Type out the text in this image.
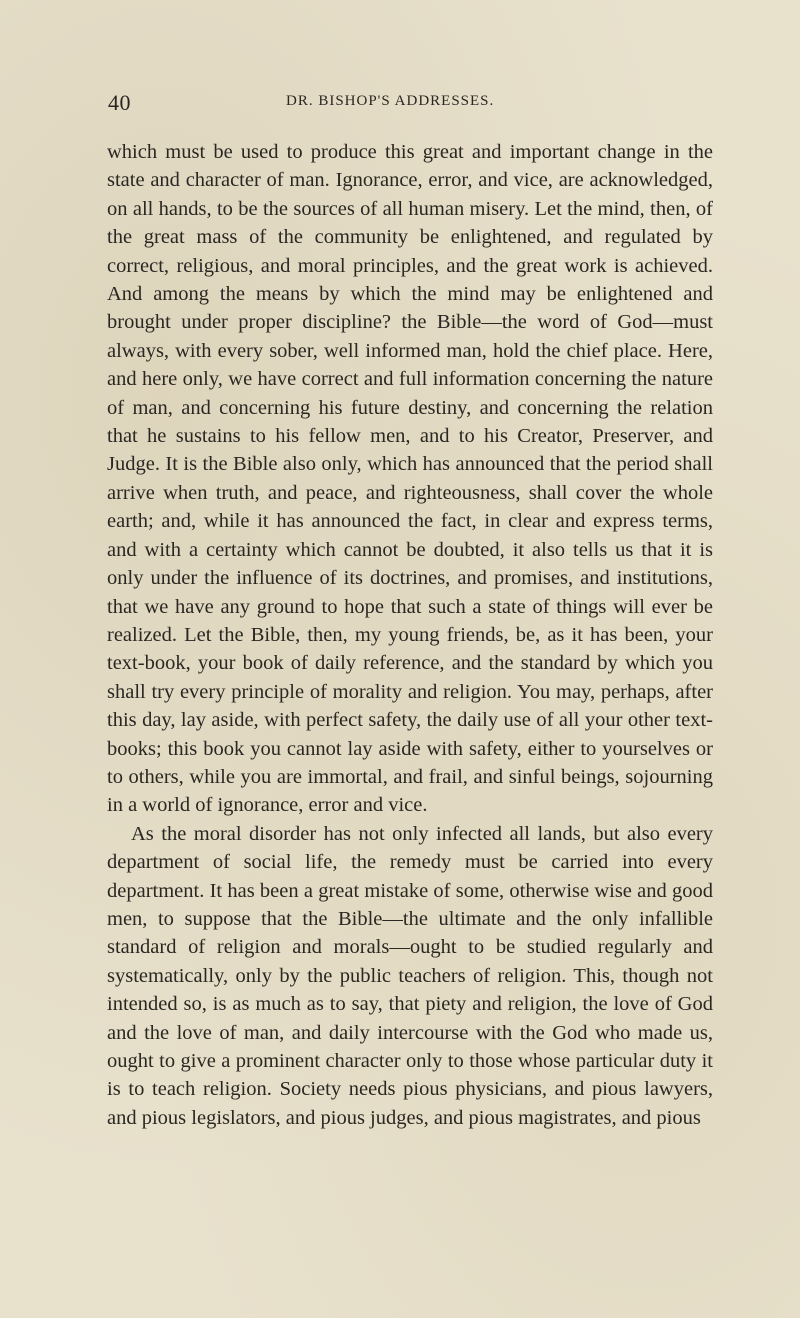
40	DR. BISHOP'S ADDRESSES.

which must be used to produce this great and important change in the state and character of man. Ignorance, error, and vice, are acknowledged, on all hands, to be the sources of all human misery. Let the mind, then, of the great mass of the community be enlightened, and regulated by correct, religious, and moral principles, and the great work is achieved. And among the means by which the mind may be enlightened and brought under proper discipline? the Bible—the word of God—must always, with every sober, well informed man, hold the chief place. Here, and here only, we have correct and full information concerning the nature of man, and concerning his future destiny, and concerning the relation that he sustains to his fellow men, and to his Creator, Preserver, and Judge. It is the Bible also only, which has announced that the period shall arrive when truth, and peace, and righteousness, shall cover the whole earth; and, while it has announced the fact, in clear and express terms, and with a certainty which cannot be doubted, it also tells us that it is only under the influence of its doctrines, and promises, and institutions, that we have any ground to hope that such a state of things will ever be realized. Let the Bible, then, my young friends, be, as it has been, your text-book, your book of daily reference, and the standard by which you shall try every principle of morality and religion. You may, perhaps, after this day, lay aside, with perfect safety, the daily use of all your other text-books; this book you cannot lay aside with safety, either to yourselves or to others, while you are immortal, and frail, and sinful beings, sojourning in a world of ignorance, error and vice.

As the moral disorder has not only infected all lands, but also every department of social life, the remedy must be carried into every department. It has been a great mistake of some, otherwise wise and good men, to suppose that the Bible—the ultimate and the only infallible standard of religion and morals—ought to be studied regularly and systematically, only by the public teachers of religion. This, though not intended so, is as much as to say, that piety and religion, the love of God and the love of man, and daily intercourse with the God who made us, ought to give a prominent character only to those whose particular duty it is to teach religion. Society needs pious physicians, and pious lawyers, and pious legislators, and pious judges, and pious magistrates, and pious
